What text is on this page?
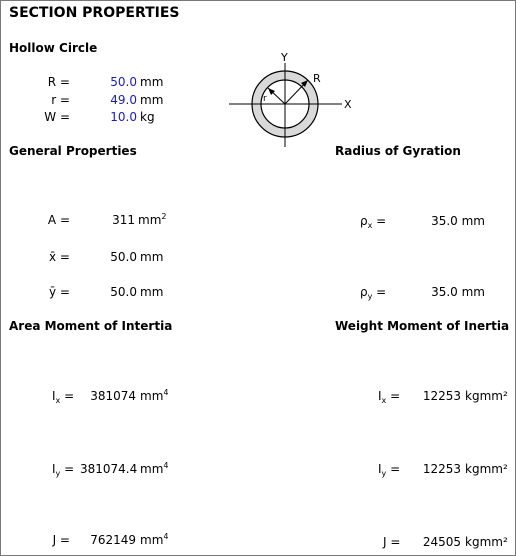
SECTION PROPERTIES
Hollow Circle
R =	50.0 mm
r =	49.0 mm
W =	10.0 kg
Y
X
R
r
General Properties	Radius of Gyration
A =	311 $mm^2$
x̄ =	50.0 mm
ȳ =	50.0 mm
$\rho_x$ =	35.0 mm
$\rho_y$ =	35.0 mm
Area Moment of Intertia	Weight Moment of Inertia
$I_x$ =	381074 $mm^4$
$I_y = 381074.4$ $mm^4$
J =	762149 $mm^4$
$I_x$ =	12253 kgmm²
$I_y$ =	12253 kgmm²
J =	24505 kgmm²
